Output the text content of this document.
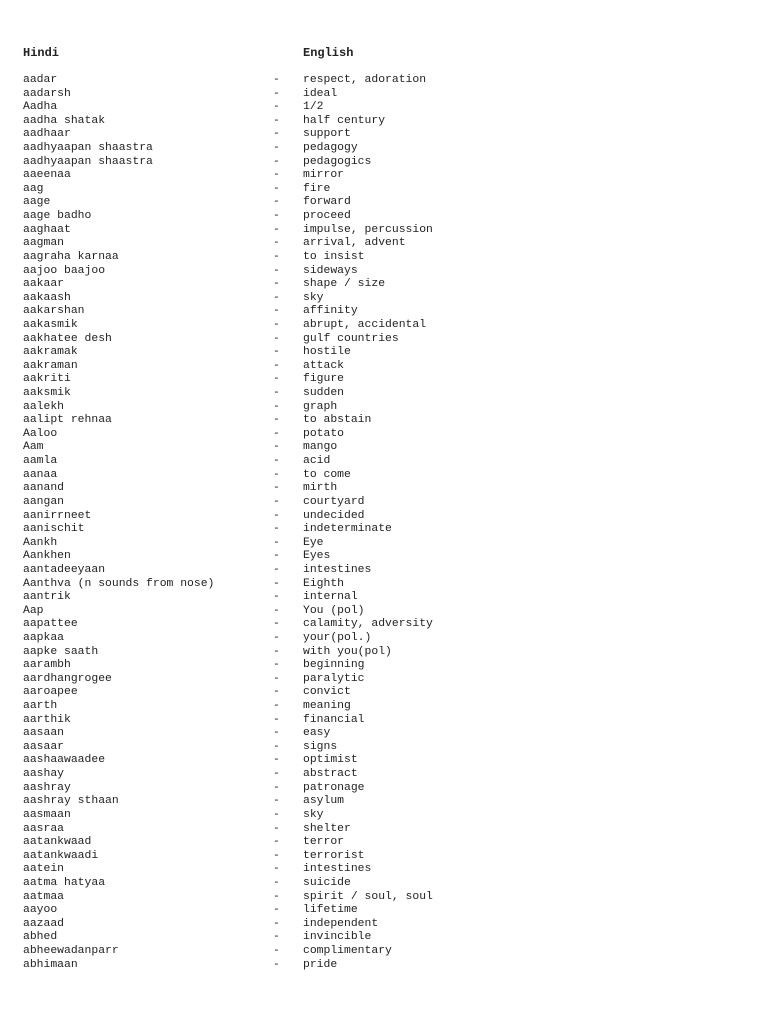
Hindi	English
aadar	- respect, adoration
aadarsh	- ideal
Aadha	- 1/2
aadha shatak	- half century
aadhaar	- support
aadhyaapan shaastra	- pedagogy
aadhyaapan shaastra	- pedagogics
aaeenaa	- mirror
aag	- fire
aage	- forward
aage badho	- proceed
aaghaat	- impulse, percussion
aagman	- arrival, advent
aagraha karnaa	- to insist
aajoo baajoo	- sideways
aakaar	- shape / size
aakaash	- sky
aakarshan	- affinity
aakasmik	- abrupt, accidental
aakhatee desh	- gulf countries
aakramak	- hostile
aakraman	- attack
aakriti	- figure
aaksmik	- sudden
aalekh	- graph
aalipt rehnaa	- to abstain
Aaloo	- potato
Aam	- mango
aamla	- acid
aanaa	- to come
aanand	- mirth
aangan	- courtyard
aanirrneet	- undecided
aanischit	- indeterminate
Aankh	- Eye
Aankhen	- Eyes
aantadeeyaan	- intestines
Aanthva (n sounds from nose)	- Eighth
aantrik	- internal
Aap	- You (pol)
aapattee	- calamity, adversity
aapkaa	- your(pol.)
aapke saath	- with you(pol)
aarambh	- beginning
aardhangrogee	- paralytic
aaroapee	- convict
aarth	- meaning
aarthik	- financial
aasaan	- easy
aasaar	- signs
aashaawaadee	- optimist
aashay	- abstract
aashray	- patronage
aashray sthaan	- asylum
aasmaan	- sky
aasraa	- shelter
aatankwaad	- terror
aatankwaadi	- terrorist
aatein	- intestines
aatma hatyaa	- suicide
aatmaa	- spirit / soul, soul
aayoo	- lifetime
aazaad	- independent
abhed	- invincible
abheewadanparr	- complimentary
abhimaan	- pride
